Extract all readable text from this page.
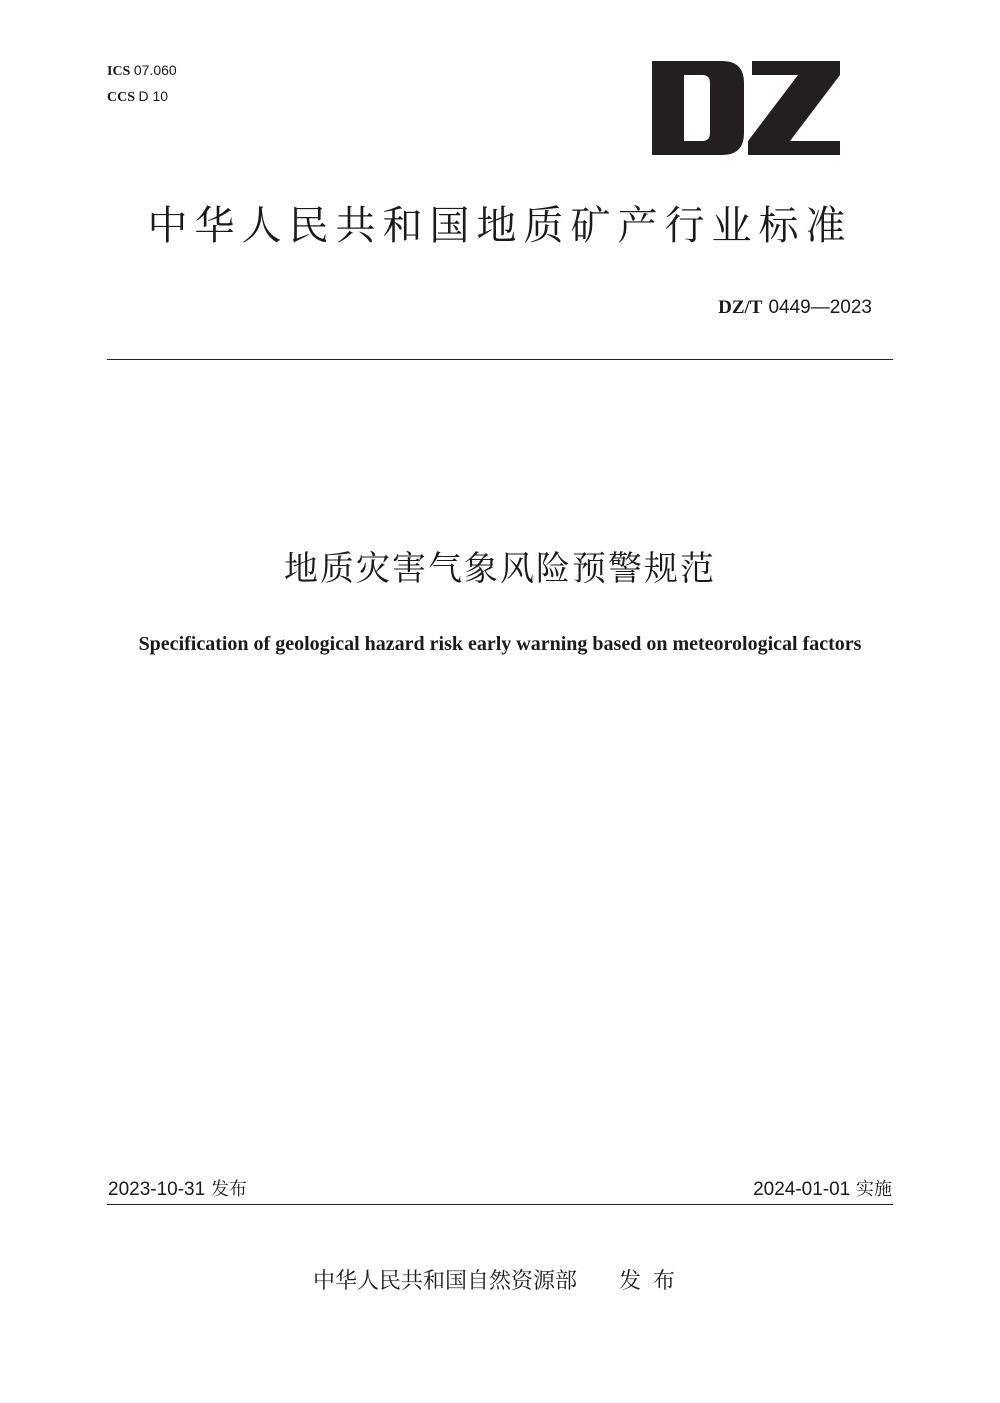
ICS 07.060
CCS D 10
中华人民共和国地质矿产行业标准
DZ/T 0449—2023
地质灾害气象风险预警规范
Specification of geological hazard risk early warning based on meteorological factors
2023-10-31 发布	2024-01-01 实施
中华人民共和国自然资源部 发布
